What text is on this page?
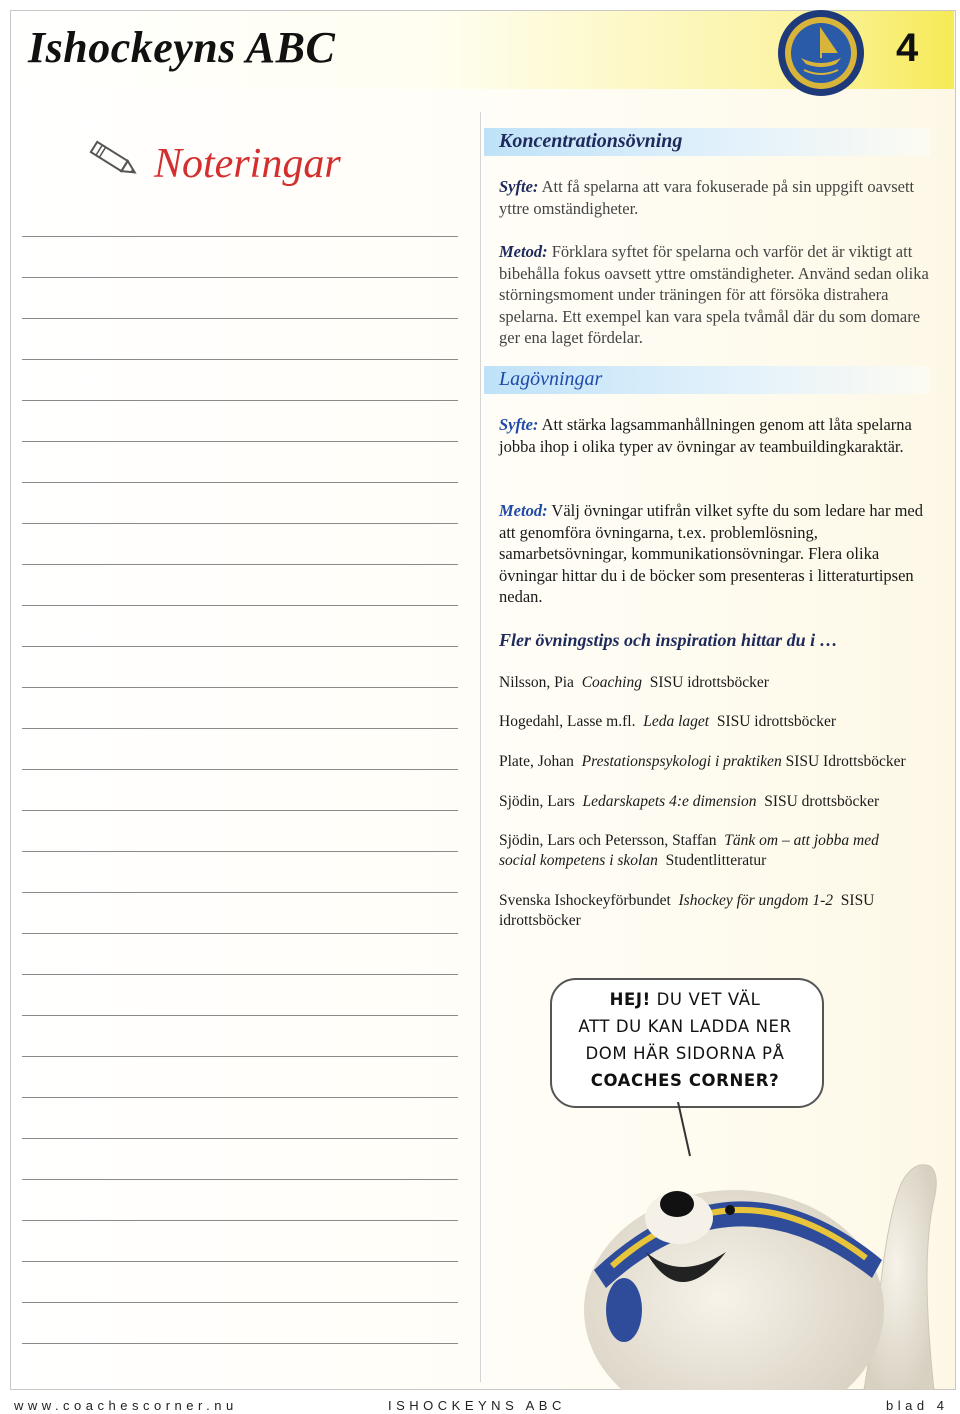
Ishockeyns ABC	4
Noteringar	Koncentrationsövning
Syfte: Att få spelarna att vara fokuserade på sin uppgift oavsett yttre omständigheter.
Metod: Förklara syftet för spelarna och varför det är viktigt att bibehålla fokus oavsett yttre omständigheter. Använd sedan olika störningsmoment under träningen för att försöka distrahera spelarna. Ett exempel kan vara spela tvåmål där du som domare ger ena laget fördelar.
Lagövningar
Syfte: Att stärka lagsammanhållningen genom att låta spelarna jobba ihop i olika typer av övningar av teambuildingkaraktär.
Metod: Välj övningar utifrån vilket syfte du som ledare har med att genomföra övningarna, t.ex. problemlösning, samarbetsövningar, kommunikationsövningar. Flera olika övningar hittar du i de böcker som presenteras i litteraturtipsen nedan.
Fler övningstips och inspiration hittar du i …
Nilsson, Pia Coaching SISU idrottsböcker
Hogedahl, Lasse m.fl. Leda laget SISU idrottsböcker
Plate, Johan Prestationspsykologi i praktiken SISU Idrottsböcker
Sjödin, Lars Ledarskapets 4:e dimension SISU drottsböcker
Sjödin, Lars och Petersson, Staffan Tänk om – att jobba med social kompetens i skolan Studentlitteratur
Svenska Ishockeyförbundet Ishockey för ungdom 1-2 SISU idrottsböcker
HEJ! DU VET VÄL
ATT DU KAN LADDA NER
DOM HÄR SIDORNA PÅ
COACHES CORNER?
www.coachescorner.nu	ISHOCKEYNS ABC	blad 4
